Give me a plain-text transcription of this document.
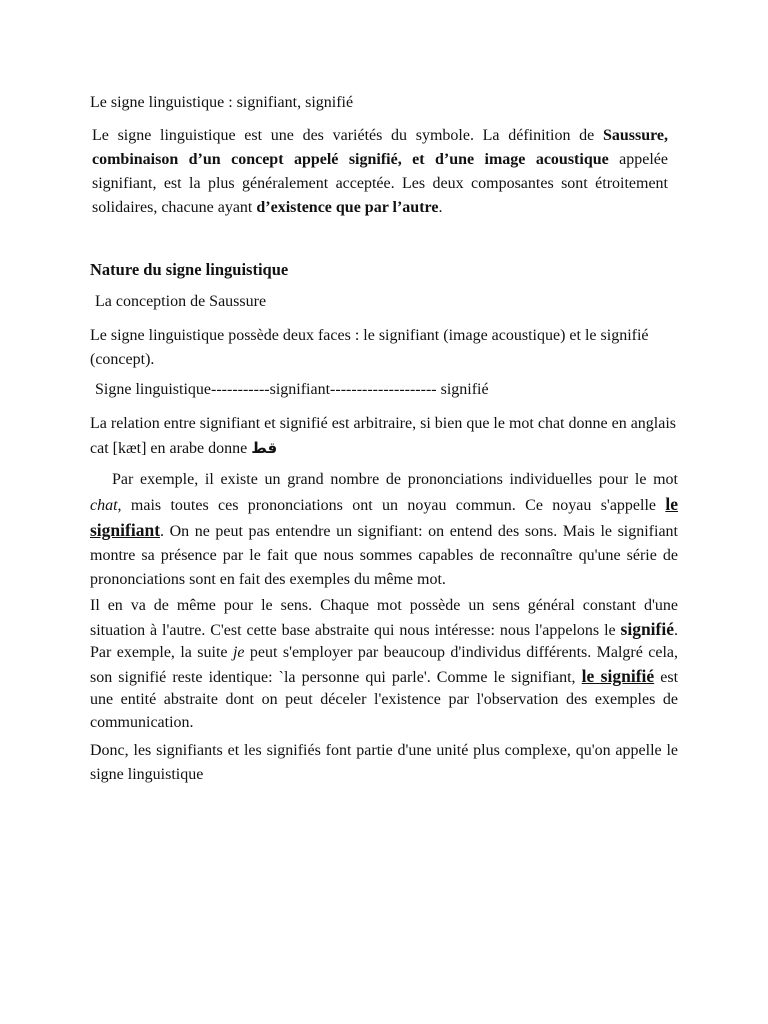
Le signe linguistique : signifiant, signifié
Le signe linguistique est une des variétés du symbole. La définition de Saussure, combinaison d’un concept appelé signifié, et d’une image acoustique appelée signifiant, est la plus généralement acceptée. Les deux composantes sont étroitement solidaires, chacune ayant d’existence que par l’autre.
Nature du signe linguistique
La conception de Saussure
Le signe linguistique possède deux faces : le signifiant (image acoustique) et le signifié (concept).
Signe linguistique-----------signifiant-------------------- signifié
La relation entre signifiant et signifié est arbitraire, si bien que le mot chat donne en anglais cat [kæt] en arabe donne قط
Par exemple, il existe un grand nombre de prononciations individuelles pour le mot chat, mais toutes ces prononciations ont un noyau commun. Ce noyau s'appelle le signifiant. On ne peut pas entendre un signifiant: on entend des sons. Mais le signifiant montre sa présence par le fait que nous sommes capables de reconnaître qu'une série de prononciations sont en fait des exemples du même mot.
Il en va de même pour le sens. Chaque mot possède un sens général constant d'une situation à l'autre. C'est cette base abstraite qui nous intéresse: nous l'appelons le signifié. Par exemple, la suite je peut s'employer par beaucoup d'individus différents. Malgré cela, son signifié reste identique: `la personne qui parle'. Comme le signifiant, le signifié est une entité abstraite dont on peut déceler l'existence par l'observation des exemples de communication.
Donc, les signifiants et les signifiés font partie d'une unité plus complexe, qu'on appelle le signe linguistique
